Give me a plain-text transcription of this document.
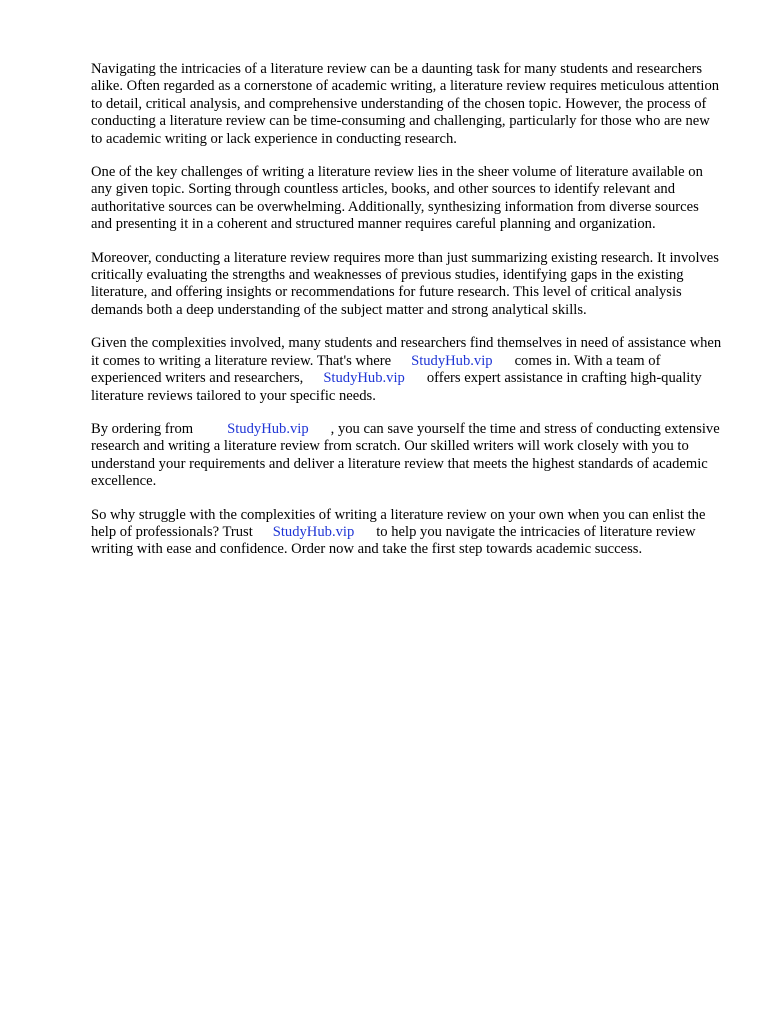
Navigating the intricacies of a literature review can be a daunting task for many students and researchers alike. Often regarded as a cornerstone of academic writing, a literature review requires meticulous attention to detail, critical analysis, and comprehensive understanding of the chosen topic. However, the process of conducting a literature review can be time-consuming and challenging, particularly for those who are new to academic writing or lack experience in conducting research.

One of the key challenges of writing a literature review lies in the sheer volume of literature available on any given topic. Sorting through countless articles, books, and other sources to identify relevant and authoritative sources can be overwhelming. Additionally, synthesizing information from diverse sources and presenting it in a coherent and structured manner requires careful planning and organization.

Moreover, conducting a literature review requires more than just summarizing existing research. It involves critically evaluating the strengths and weaknesses of previous studies, identifying gaps in the existing literature, and offering insights or recommendations for future research. This level of critical analysis demands both a deep understanding of the subject matter and strong analytical skills.

Given the complexities involved, many students and researchers find themselves in need of assistance when it comes to writing a literature review. That's where StudyHub.vip comes in. With a team of experienced writers and researchers, StudyHub.vip offers expert assistance in crafting high-quality literature reviews tailored to your specific needs.

By ordering from StudyHub.vip , you can save yourself the time and stress of conducting extensive research and writing a literature review from scratch. Our skilled writers will work closely with you to understand your requirements and deliver a literature review that meets the highest standards of academic excellence.

So why struggle with the complexities of writing a literature review on your own when you can enlist the help of professionals? Trust StudyHub.vip to help you navigate the intricacies of literature review writing with ease and confidence. Order now and take the first step towards academic success.
